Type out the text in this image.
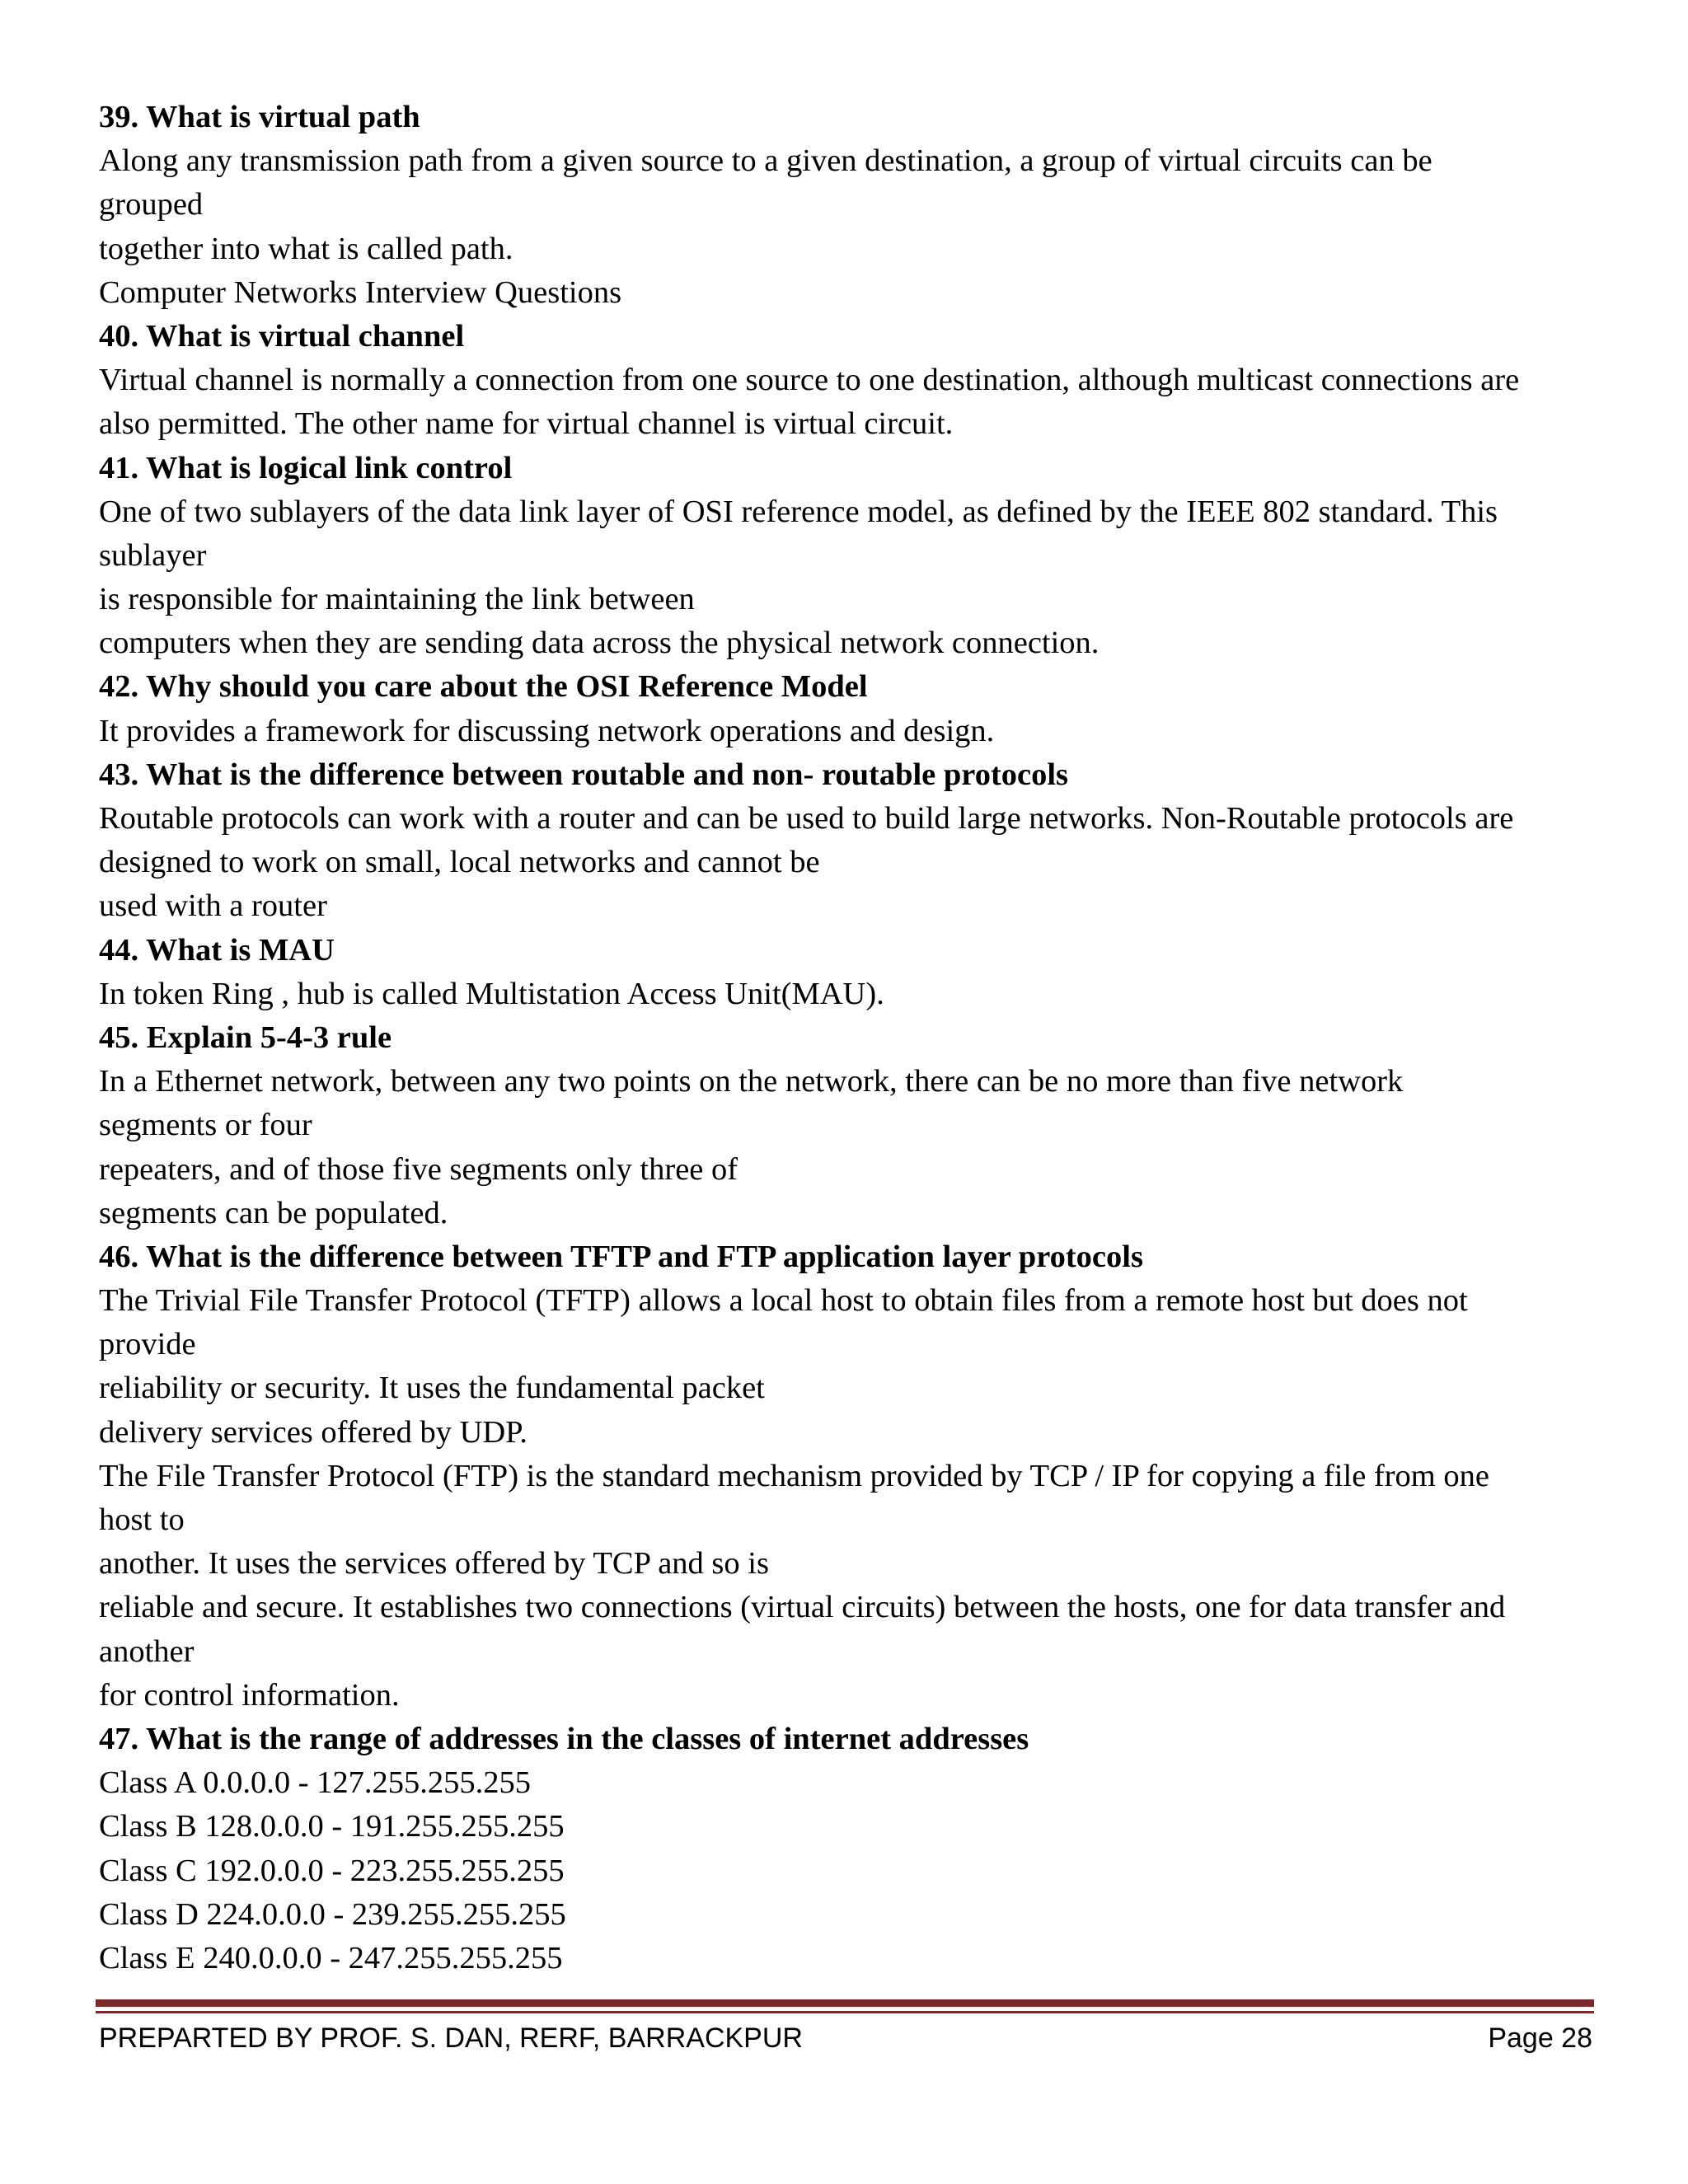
39. What is virtual path
Along any transmission path from a given source to a given destination, a group of virtual circuits can be
grouped
together into what is called path.
Computer Networks Interview Questions
40. What is virtual channel
Virtual channel is normally a connection from one source to one destination, although multicast connections are
also permitted. The other name for virtual channel is virtual circuit.
41. What is logical link control
One of two sublayers of the data link layer of OSI reference model, as defined by the IEEE 802 standard. This
sublayer
is responsible for maintaining the link between
computers when they are sending data across the physical network connection.
42. Why should you care about the OSI Reference Model
It provides a framework for discussing network operations and design.
43. What is the difference between routable and non- routable protocols
Routable protocols can work with a router and can be used to build large networks. Non-Routable protocols are
designed to work on small, local networks and cannot be
used with a router
44. What is MAU
In token Ring , hub is called Multistation Access Unit(MAU).
45. Explain 5-4-3 rule
In a Ethernet network, between any two points on the network, there can be no more than five network
segments or four
repeaters, and of those five segments only three of
segments can be populated.
46. What is the difference between TFTP and FTP application layer protocols
The Trivial File Transfer Protocol (TFTP) allows a local host to obtain files from a remote host but does not
provide
reliability or security. It uses the fundamental packet
delivery services offered by UDP.
The File Transfer Protocol (FTP) is the standard mechanism provided by TCP / IP for copying a file from one
host to
another. It uses the services offered by TCP and so is
reliable and secure. It establishes two connections (virtual circuits) between the hosts, one for data transfer and
another
for control information.
47. What is the range of addresses in the classes of internet addresses
Class A 0.0.0.0 - 127.255.255.255
Class B 128.0.0.0 - 191.255.255.255
Class C 192.0.0.0 - 223.255.255.255
Class D 224.0.0.0 - 239.255.255.255
Class E 240.0.0.0 - 247.255.255.255
PREPARTED BY PROF. S. DAN, RERF, BARRACKPUR	Page 28
